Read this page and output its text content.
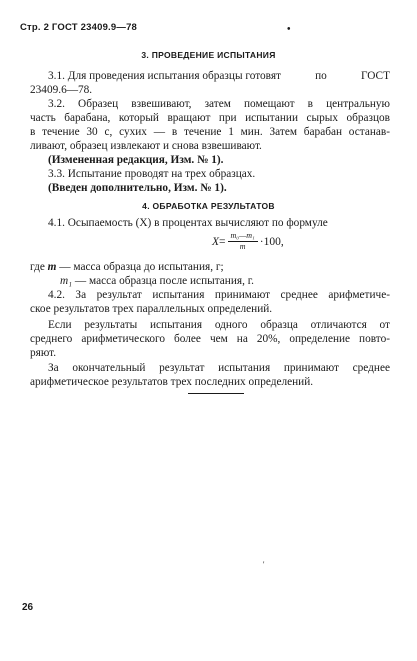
Стр. 2 ГОСТ 23409.9—78	•
3. ПРОВЕДЕНИЕ ИСПЫТАНИЯ
3.1. Для проведения испытания образцы готовят	по	ГОСТ
23409.6—78.
3.2. Образец взвешивают, затем помещают в центральную
часть барабана, который вращают при испытании сырых образцов
в течение 30 с, сухих — в течение 1 мин. Затем барабан останав-
ливают, образец извлекают и снова взвешивают.
(Измененная редакция, Изм. № 1).
3.3. Испытание проводят на трех образцах.
(Введен дополнительно, Изм. № 1).
4. ОБРАБОТКА РЕЗУЛЬТАТОВ
4.1. Осыпаемость (X) в процентах вычисляют по формуле
$X = \frac{\text{m₀—m₁}}{m} \cdot 100$,
где m — масса образца до испытания, г;
m₁ — масса образца после испытания, г.
4.2. За результат испытания принимают среднее арифметиче-
ское результатов трех параллельных определений.
Если результаты испытания одного образца отличаются от
среднего арифметического более чем на 20%, определение повто-
ряют.
За окончательный результат испытания принимают среднее
арифметическое результатов трех последних определений.
'
26
